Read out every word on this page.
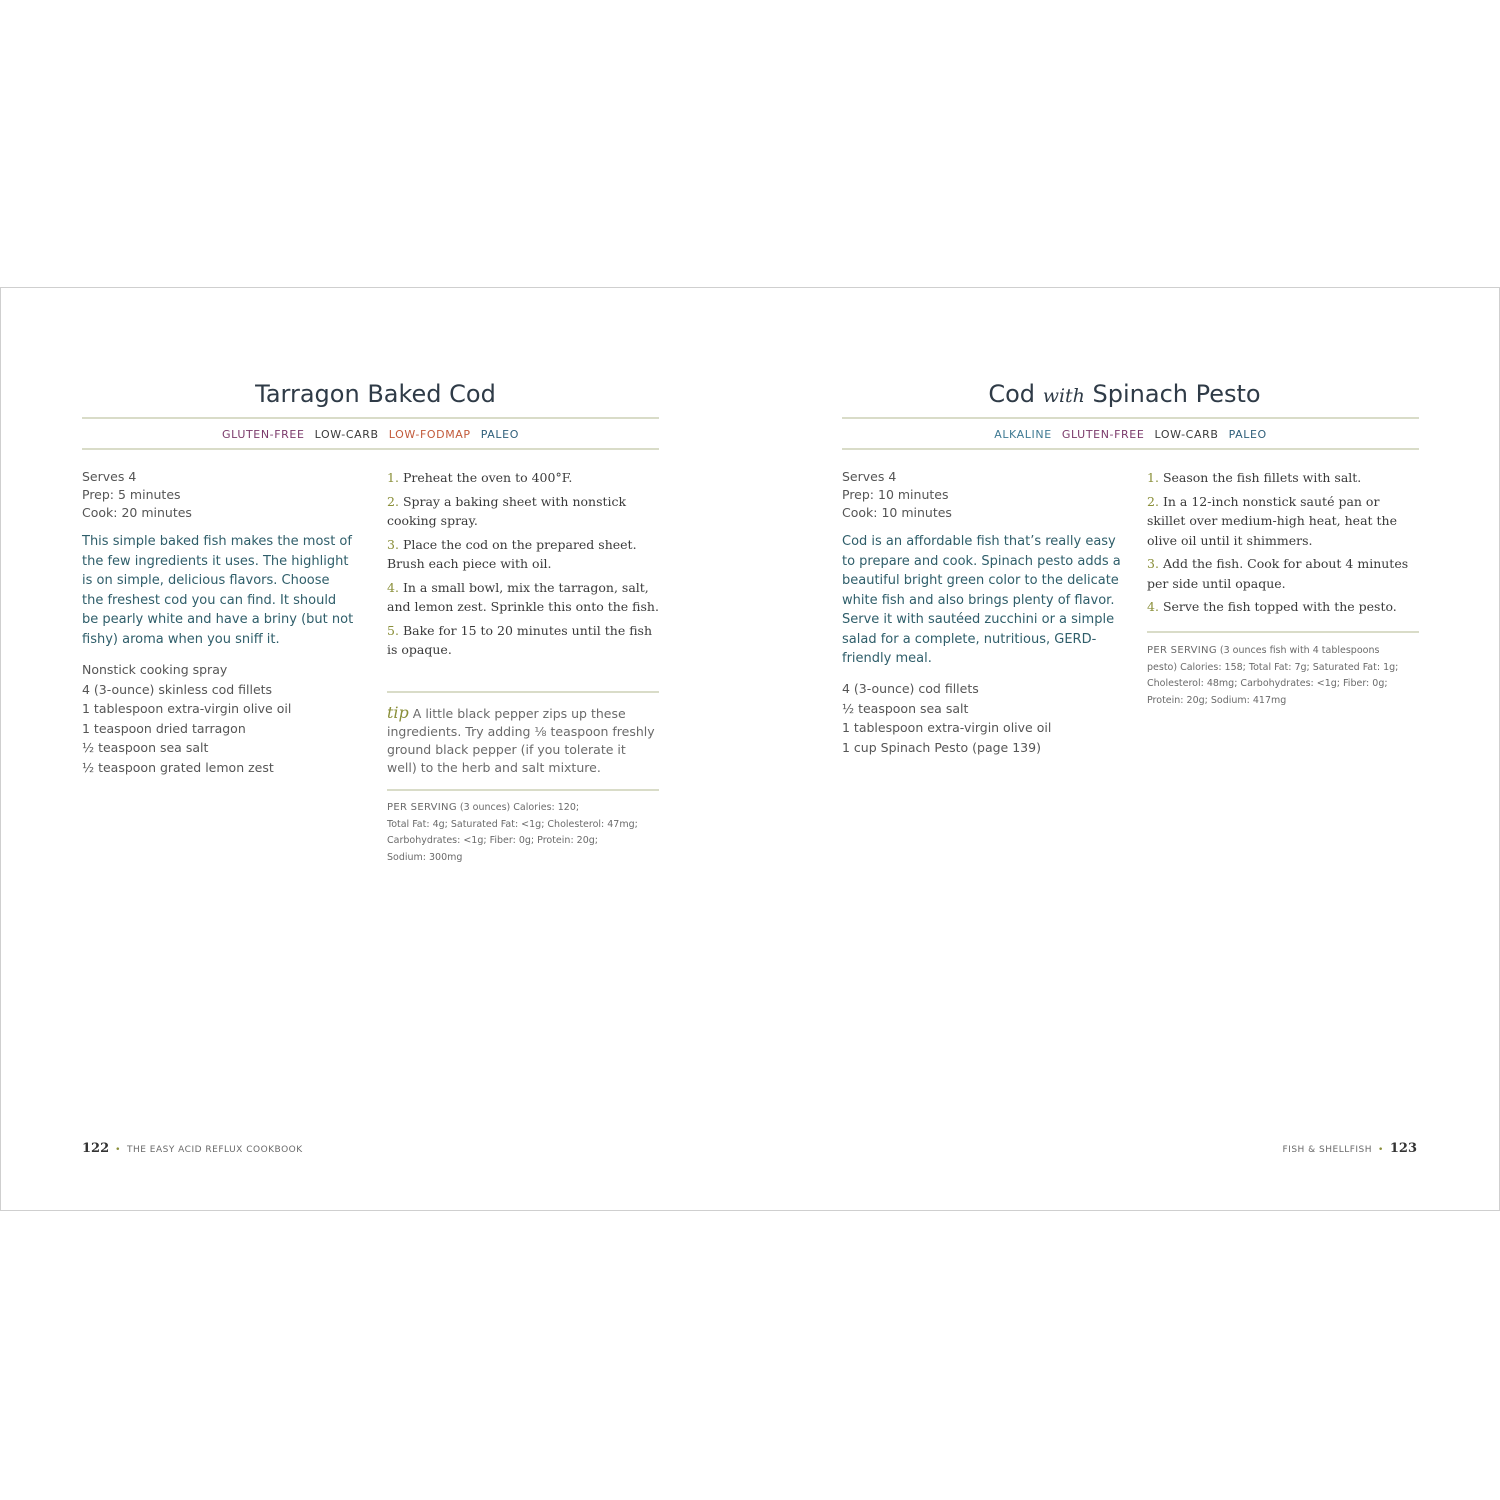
Tarragon Baked Cod
GLUTEN-FREE LOW-CARB LOW-FODMAP PALEO
Serves 4
Prep: 5 minutes
Cook: 20 minutes
This simple baked fish makes the most of
the few ingredients it uses. The highlight
is on simple, delicious flavors. Choose
the freshest cod you can find. It should
be pearly white and have a briny (but not
fishy) aroma when you sniff it.
Nonstick cooking spray
4 (3-ounce) skinless cod fillets
1 tablespoon extra-virgin olive oil
1 teaspoon dried tarragon
½ teaspoon sea salt
½ teaspoon grated lemon zest
1. Preheat the oven to 400°F.
2. Spray a baking sheet with nonstick cooking spray.
3. Place the cod on the prepared sheet. Brush each piece with oil.
4. In a small bowl, mix the tarragon, salt, and lemon zest. Sprinkle this onto the fish.
5. Bake for 15 to 20 minutes until the fish is opaque.
tip A little black pepper zips up these ingredients. Try adding ⅛ teaspoon freshly ground black pepper (if you tolerate it well) to the herb and salt mixture.
PER SERVING (3 ounces) Calories: 120;
Total Fat: 4g; Saturated Fat: <1g; Cholesterol: 47mg;
Carbohydrates: <1g; Fiber: 0g; Protein: 20g;
Sodium: 300mg
122 • THE EASY ACID REFLUX COOKBOOK
Cod with Spinach Pesto
ALKALINE GLUTEN-FREE LOW-CARB PALEO
Serves 4
Prep: 10 minutes
Cook: 10 minutes
Cod is an affordable fish that’s really easy
to prepare and cook. Spinach pesto adds a
beautiful bright green color to the delicate
white fish and also brings plenty of flavor.
Serve it with sautéed zucchini or a simple
salad for a complete, nutritious, GERD-
friendly meal.
4 (3-ounce) cod fillets
½ teaspoon sea salt
1 tablespoon extra-virgin olive oil
1 cup Spinach Pesto (page 139)
1. Season the fish fillets with salt.
2. In a 12-inch nonstick sauté pan or skillet over medium-high heat, heat the olive oil until it shimmers.
3. Add the fish. Cook for about 4 minutes per side until opaque.
4. Serve the fish topped with the pesto.
PER SERVING (3 ounces fish with 4 tablespoons
pesto) Calories: 158; Total Fat: 7g; Saturated Fat: 1g;
Cholesterol: 48mg; Carbohydrates: <1g; Fiber: 0g;
Protein: 20g; Sodium: 417mg
FISH & SHELLFISH • 123
